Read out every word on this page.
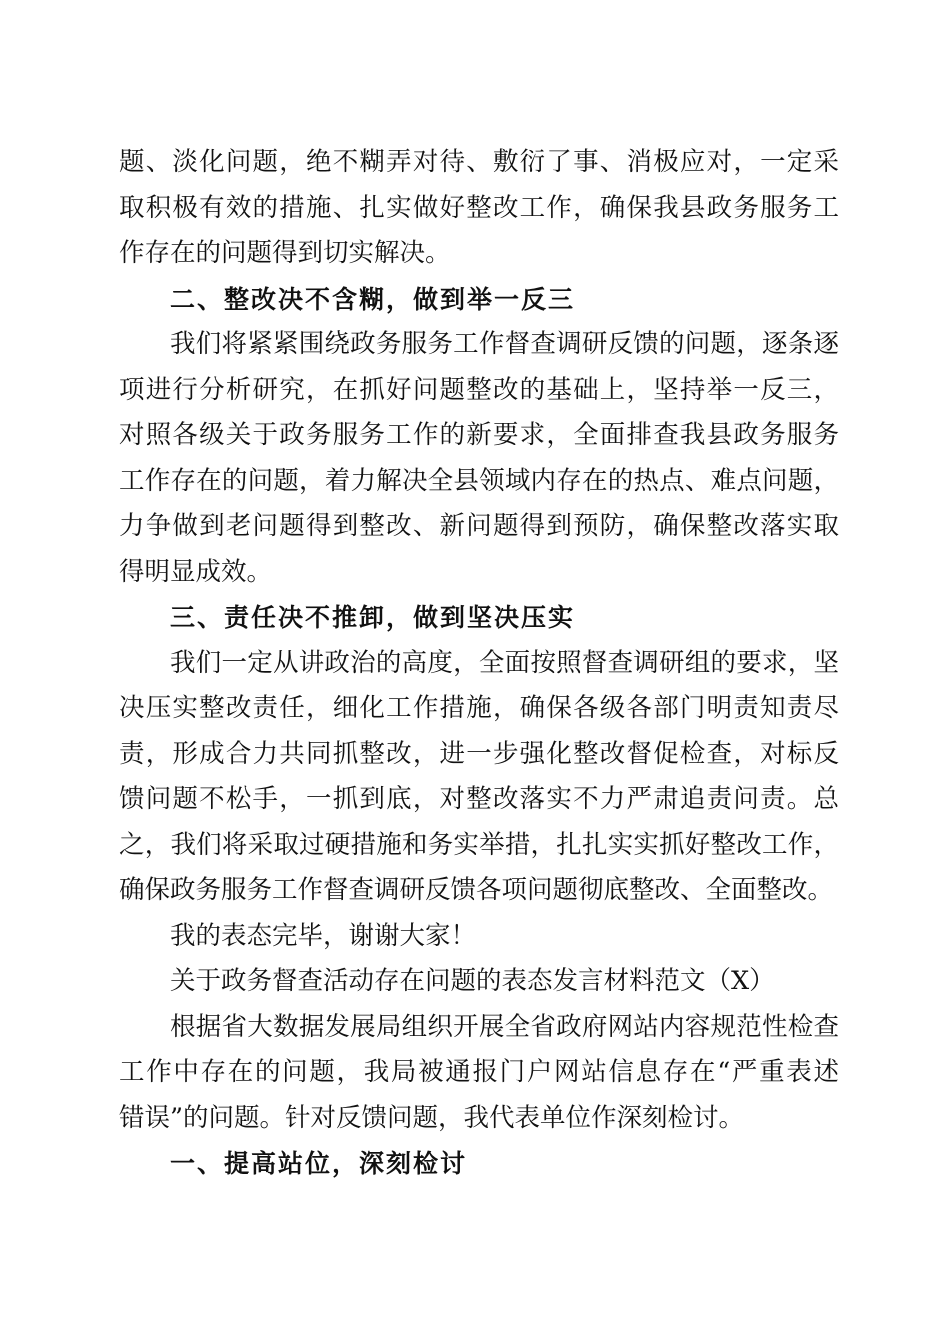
题、淡化问题，绝不糊弄对待、敷衍了事、消极应对，一定采
取积极有效的措施、扎实做好整改工作，确保我县政务服务工
作存在的问题得到切实解决。
二、整改决不含糊，做到举一反三
我们将紧紧围绕政务服务工作督查调研反馈的问题，逐条逐
项进行分析研究，在抓好问题整改的基础上，坚持举一反三，
对照各级关于政务服务工作的新要求，全面排查我县政务服务
工作存在的问题，着力解决全县领域内存在的热点、难点问题，
力争做到老问题得到整改、新问题得到预防，确保整改落实取
得明显成效。
三、责任决不推卸，做到坚决压实
我们一定从讲政治的高度，全面按照督查调研组的要求，坚
决压实整改责任，细化工作措施，确保各级各部门明责知责尽
责，形成合力共同抓整改，进一步强化整改督促检查，对标反
馈问题不松手，一抓到底，对整改落实不力严肃追责问责。总
之，我们将采取过硬措施和务实举措，扎扎实实抓好整改工作，
确保政务服务工作督查调研反馈各项问题彻底整改、全面整改。
我的表态完毕，谢谢大家！
关于政务督查活动存在问题的表态发言材料范文（X）
根据省大数据发展局组织开展全省政府网站内容规范性检查
工作中存在的问题，我局被通报门户网站信息存在“严重表述
错误”的问题。针对反馈问题，我代表单位作深刻检讨。
一、提高站位，深刻检讨
